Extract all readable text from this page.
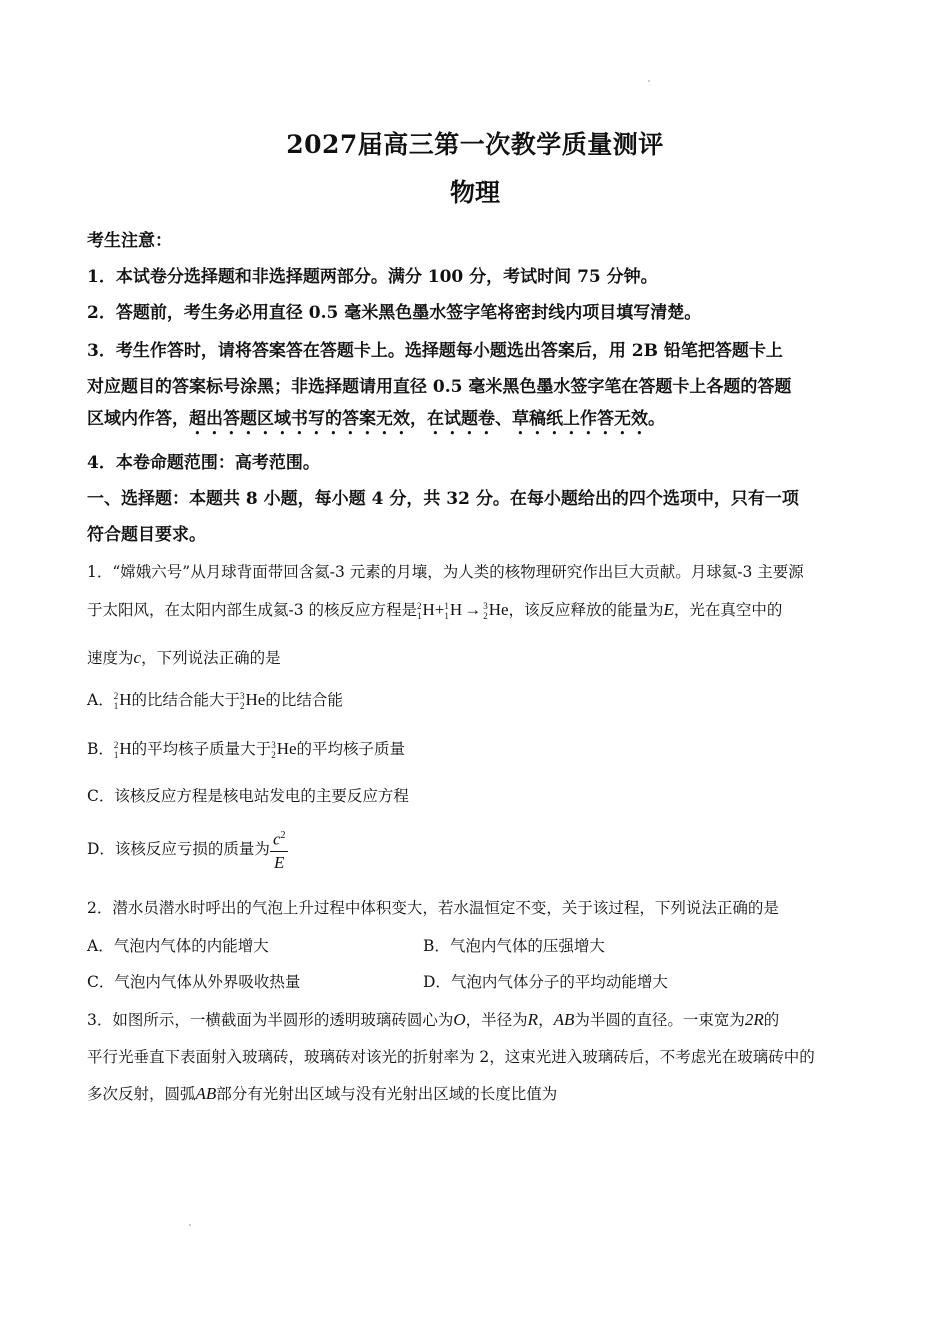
2027届高三第一次教学质量测评
物理
考生注意：
1．本试卷分选择题和非选择题两部分。满分 100 分，考试时间 75 分钟。
2．答题前，考生务必用直径 0.5 毫米黑色墨水签字笔将密封线内项目填写清楚。
3．考生作答时，请将答案答在答题卡上。选择题每小题选出答案后，用 2B 铅笔把答题卡上
对应题目的答案标号涂黑；非选择题请用直径 0.5 毫米黑色墨水签字笔在答题卡上各题的答题
区域内作答，超出答题区域书写的答案无效，在试题卷、草稿纸上作答无效。
4．本卷命题范围：高考范围。
一、选择题：本题共 8 小题，每小题 4 分，共 32 分。在每小题给出的四个选项中，只有一项
符合题目要求。
1．“嫦娥六号”从月球背面带回含氦-3 元素的月壤，为人类的核物理研究作出巨大贡献。月球氦-3 主要源
于太阳风，在太阳内部生成氦-3 的核反应方程是 2
1 H+ 1
1 H → 3
2 He，该反应释放的能量为E，光在真空中的
速度为c，下列说法正确的是
A． 2
1 H的比结合能大于 3
2 He的比结合能
B． 2
1 H的平均核子质量大于 3
2 He的平均核子质量
C．该核反应方程是核电站发电的主要反应方程
D．该核反应亏损的质量为 $\frac{c^2}{E}$
2．潜水员潜水时呼出的气泡上升过程中体积变大，若水温恒定不变，关于该过程，下列说法正确的是
A．气泡内气体的内能增大	B．气泡内气体的压强增大
C．气泡内气体从外界吸收热量	D．气泡内气体分子的平均动能增大
3．如图所示，一横截面为半圆形的透明玻璃砖圆心为O，半径为R，AB为半圆的直径。一束宽为2R的
平行光垂直下表面射入玻璃砖，玻璃砖对该光的折射率为 2，这束光进入玻璃砖后，不考虑光在玻璃砖中的
多次反射，圆弧AB部分有光射出区域与没有光射出区域的长度比值为
